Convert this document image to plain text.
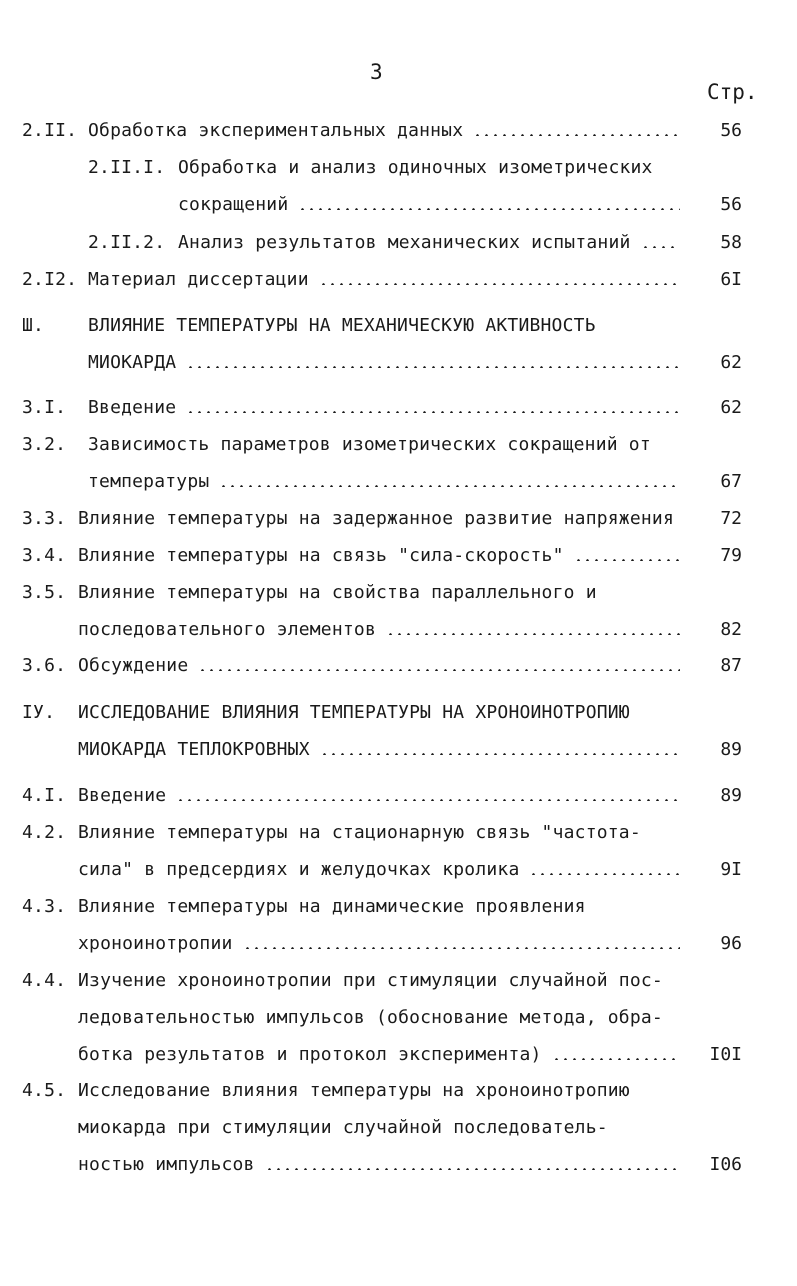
3
Стр.
2.II. Обработка экспериментальных данных	56
2.II.I. Обработка и анализ одиночных изометрических
сокращений	56
2.II.2. Анализ результатов механических испытаний	58
2.I2. Материал диссертации	6I
Ш. ВЛИЯНИЕ ТЕМПЕРАТУРЫ НА МЕХАНИЧЕСКУЮ АКТИВНОСТЬ
МИОКАРДА	62
3.I. Введение	62
3.2. Зависимость параметров изометрических сокращений от
температуры	67
3.3. Влияние температуры на задержанное развитие напряжения	72
3.4. Влияние температуры на связь "сила-скорость"	79
3.5. Влияние температуры на свойства параллельного и
последовательного элементов	82
3.6. Обсуждение	87
IУ. ИССЛЕДОВАНИЕ ВЛИЯНИЯ ТЕМПЕРАТУРЫ НА ХРОНОИНОТРОПИЮ
МИОКАРДА ТЕПЛОКРОВНЫХ	89
4.I. Введение	89
4.2. Влияние температуры на стационарную связь "частота-
сила" в предсердиях и желудочках кролика	9I
4.3. Влияние температуры на динамические проявления
хроноинотропии	96
4.4. Изучение хроноинотропии при стимуляции случайной пос-
ледовательностью импульсов (обоснование метода, обра-
ботка результатов и протокол эксперимента)	I0I
4.5. Исследование влияния температуры на хроноинотропию
миокарда при стимуляции случайной последователь-
ностью импульсов	I06
